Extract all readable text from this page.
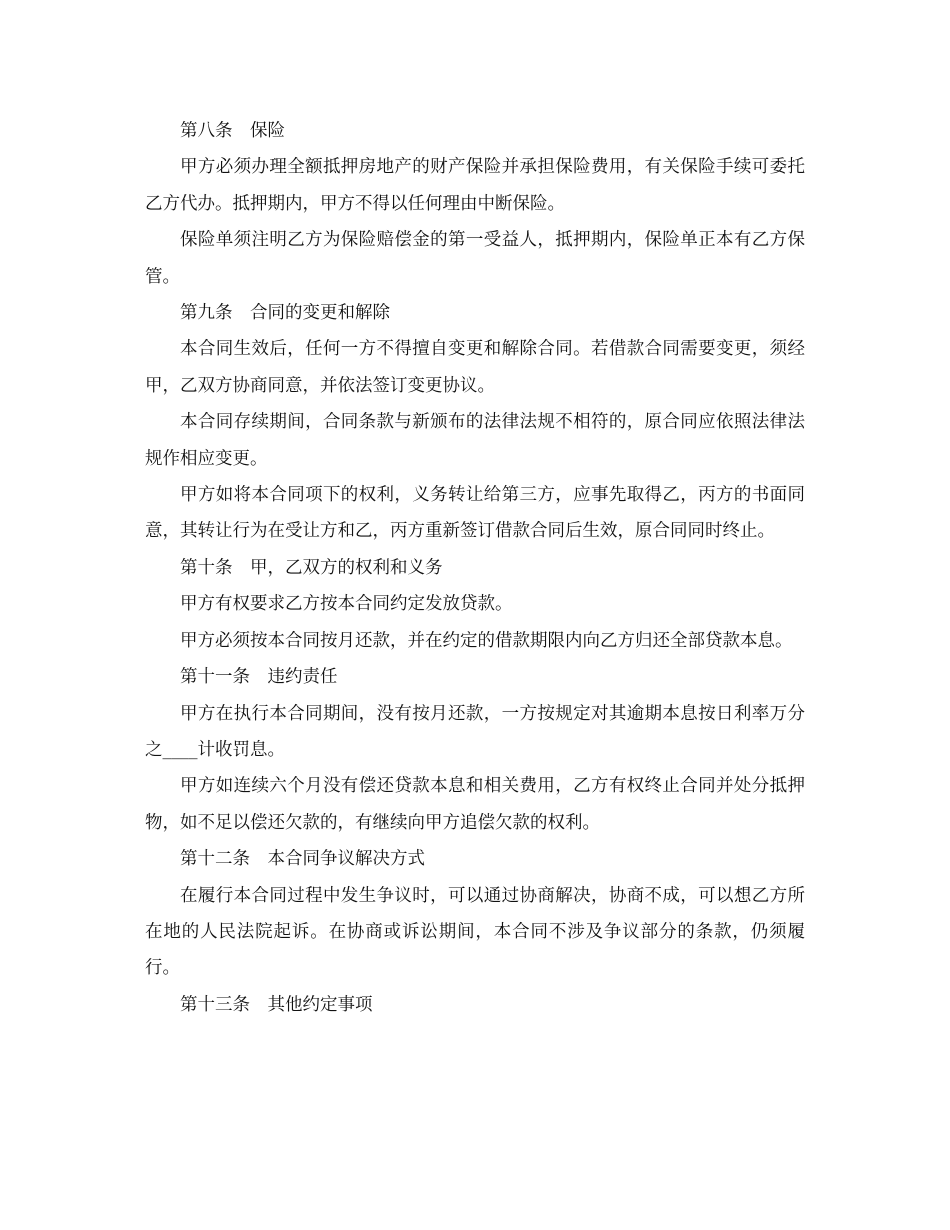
第八条　保险

甲方必须办理全额抵押房地产的财产保险并承担保险费用，有关保险手续可委托乙方代办。抵押期内，甲方不得以任何理由中断保险。

保险单须注明乙方为保险赔偿金的第一受益人，抵押期内，保险单正本有乙方保管。

第九条　合同的变更和解除

本合同生效后，任何一方不得擅自变更和解除合同。若借款合同需要变更，须经甲，乙双方协商同意，并依法签订变更协议。

本合同存续期间，合同条款与新颁布的法律法规不相符的，原合同应依照法律法规作相应变更。

甲方如将本合同项下的权利，义务转让给第三方，应事先取得乙，丙方的书面同意，其转让行为在受让方和乙，丙方重新签订借款合同后生效，原合同同时终止。

第十条　甲，乙双方的权利和义务

甲方有权要求乙方按本合同约定发放贷款。

甲方必须按本合同按月还款，并在约定的借款期限内向乙方归还全部贷款本息。

第十一条　违约责任

甲方在执行本合同期间，没有按月还款，一方按规定对其逾期本息按日利率万分之____计收罚息。

甲方如连续六个月没有偿还贷款本息和相关费用，乙方有权终止合同并处分抵押物，如不足以偿还欠款的，有继续向甲方追偿欠款的权利。

第十二条　本合同争议解决方式

在履行本合同过程中发生争议时，可以通过协商解决，协商不成，可以想乙方所在地的人民法院起诉。在协商或诉讼期间，本合同不涉及争议部分的条款，仍须履行。

第十三条　其他约定事项
